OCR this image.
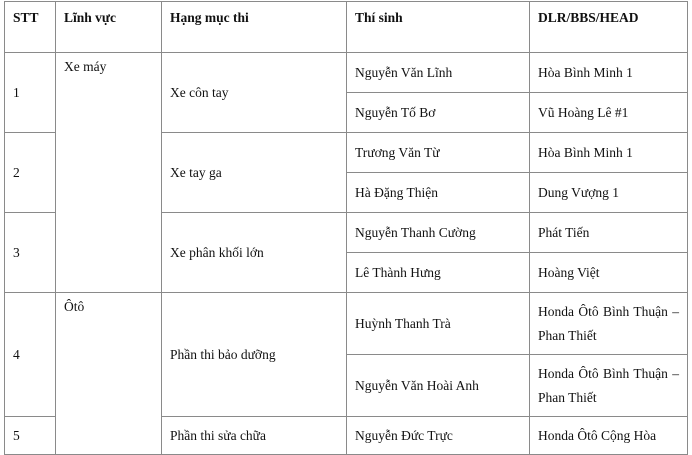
STT	Lĩnh vực	Hạng mục thi	Thí sinh	DLR/BBS/HEAD
1	Xe máy	Xe côn tay	Nguyễn Văn Lĩnh	Hòa Bình Minh 1
			Nguyễn Tố Bơ	Vũ Hoàng Lê #1
2		Xe tay ga	Trương Văn Từ	Hòa Bình Minh 1
			Hà Đặng Thiện	Dung Vượng 1
3		Xe phân khối lớn	Nguyễn Thanh Cường	Phát Tiến
			Lê Thành Hưng	Hoàng Việt
4	Ôtô	Phần thi bảo dưỡng	Huỳnh Thanh Trà	Honda Ôtô Bình Thuận – Phan Thiết
			Nguyễn Văn Hoài Anh	Honda Ôtô Bình Thuận – Phan Thiết
5		Phần thi sửa chữa	Nguyễn Đức Trực	Honda Ôtô Cộng Hòa
